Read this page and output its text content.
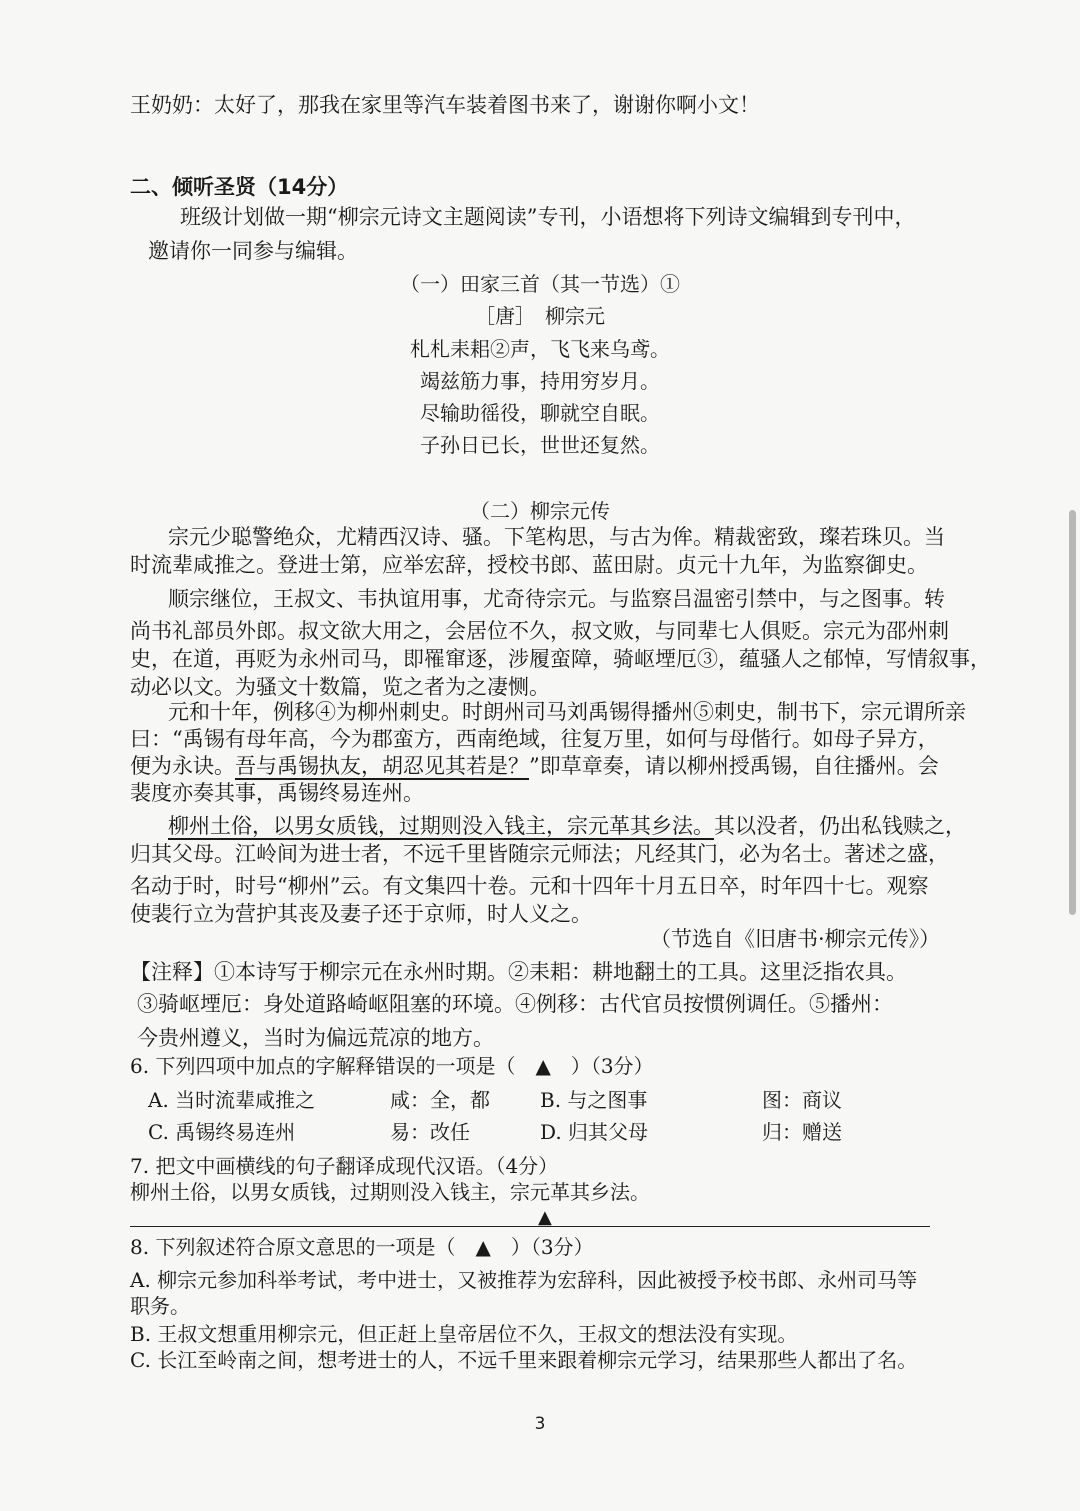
王奶奶：太好了，那我在家里等汽车装着图书来了，谢谢你啊小文！
二、倾听圣贤（14分）
班级计划做一期“柳宗元诗文主题阅读”专刊，小语想将下列诗文编辑到专刊中，
邀请你一同参与编辑。
（一）田家三首（其一节选）①
［唐］　柳宗元
札札耒耜②声，飞飞来乌鸢。
竭兹筋力事，持用穷岁月。
尽输助徭役，聊就空自眠。
子孙日已长，世世还复然。
（二）柳宗元传
宗元少聪警绝众，尤精西汉诗、骚。下笔构思，与古为侔。精裁密致，璨若珠贝。当
时流辈咸推之。登进士第，应举宏辞，授校书郎、蓝田尉。贞元十九年，为监察御史。
顺宗继位，王叔文、韦执谊用事，尤奇待宗元。与监察吕温密引禁中，与之图事。转
尚书礼部员外郎。叔文欲大用之，会居位不久，叔文败，与同辈七人俱贬。宗元为邵州刺
史，在道，再贬为永州司马，即罹窜逐，涉履蛮障，骑岖堙厄③，蕴骚人之郁悼，写情叙事，
动必以文。为骚文十数篇，览之者为之凄恻。
元和十年，例移④为柳州刺史。时朗州司马刘禹锡得播州⑤刺史，制书下，宗元谓所亲
曰：“禹锡有母年高，今为郡蛮方，西南绝域，往复万里，如何与母偕行。如母子异方，
便为永诀。吾与禹锡执友，胡忍见其若是？”即草章奏，请以柳州授禹锡，自往播州。会
裴度亦奏其事，禹锡终易连州。
柳州土俗，以男女质钱，过期则没入钱主，宗元革其乡法。其以没者，仍出私钱赎之，
归其父母。江岭间为进士者，不远千里皆随宗元师法；凡经其门，必为名士。著述之盛，
名动于时，时号“柳州”云。有文集四十卷。元和十四年十月五日卒，时年四十七。观察
使裴行立为营护其丧及妻子还于京师，时人义之。
（节选自《旧唐书·柳宗元传》）
【注释】①本诗写于柳宗元在永州时期。②耒耜：耕地翻土的工具。这里泛指农具。
③骑岖堙厄：身处道路崎岖阻塞的环境。④例移：古代官员按惯例调任。⑤播州：
今贵州遵义，当时为偏远荒凉的地方。
6. 下列四项中加点的字解释错误的一项是（　▲　）（3分）
A. 当时流辈咸推之	咸：全，都	B. 与之图事	图：商议
C. 禹锡终易连州	易：改任	D. 归其父母	归：赠送
7. 把文中画横线的句子翻译成现代汉语。（4分）
柳州土俗，以男女质钱，过期则没入钱主，宗元革其乡法。
▲
8. 下列叙述符合原文意思的一项是（　▲　）（3分）
A. 柳宗元参加科举考试，考中进士，又被推荐为宏辞科，因此被授予校书郎、永州司马等
职务。
B. 王叔文想重用柳宗元，但正赶上皇帝居位不久，王叔文的想法没有实现。
C. 长江至岭南之间，想考进士的人，不远千里来跟着柳宗元学习，结果那些人都出了名。
3
